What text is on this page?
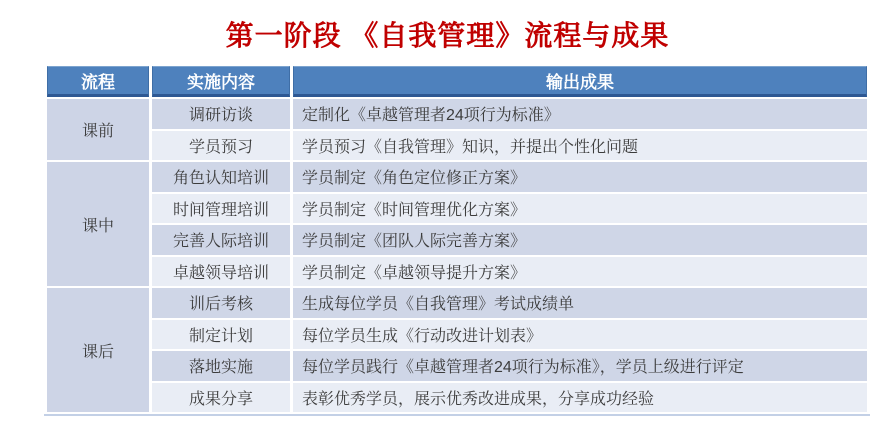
第一阶段 《自我管理》流程与成果
流程	实施内容	输出成果
课前	调研访谈	定制化《卓越管理者24项行为标准》
	学员预习	学员预习《自我管理》知识，并提出个性化问题
课中	角色认知培训	学员制定《角色定位修正方案》
	时间管理培训	学员制定《时间管理优化方案》
	完善人际培训	学员制定《团队人际完善方案》
	卓越领导培训	学员制定《卓越领导提升方案》
课后	训后考核	生成每位学员《自我管理》考试成绩单
	制定计划	每位学员生成《行动改进计划表》
	落地实施	每位学员践行《卓越管理者24项行为标准》，学员上级进行评定
	成果分享	表彰优秀学员，展示优秀改进成果，分享成功经验
